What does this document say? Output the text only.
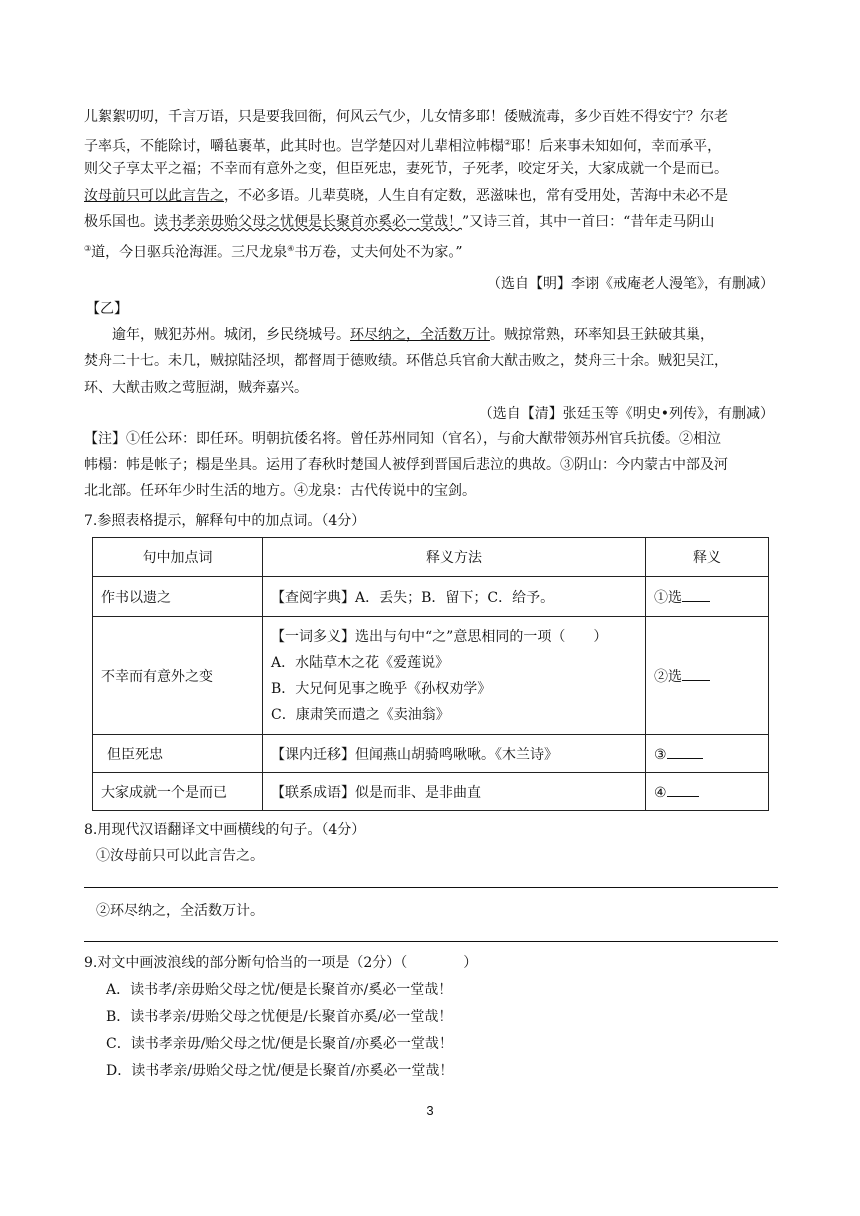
儿絮絮叨叨，千言万语，只是要我回衙，何风云气少，儿女情多耶！倭贼流毒，多少百姓不得安宁？尔老

子率兵，不能除讨，嚼毡裹革，此其时也。岂学楚囚对儿辈相泣帏榻②耶！后来事未知如何，幸而承平，

则父子享太平之福；不幸而有意外之变，但臣死忠，妻死节，子死孝，咬定牙关，大家成就一个是而已。

汝母前只可以此言告之，不必多语。儿辈莫晓，人生自有定数，恶滋味也，常有受用处，苦海中未必不是

极乐国也。读书孝亲毋贻父母之忧便是长聚首亦奚必一堂哉！”又诗三首，其中一首曰：“昔年走马阴山

③道，今日驱兵沧海涯。三尺龙泉④书万卷，丈夫何处不为家。”

（选自【明】李诩《戒庵老人漫笔》，有删减）

【乙】

逾年，贼犯苏州。城闭，乡民绕城号。环尽纳之，全活数万计。贼掠常熟，环率知县王鈇破其巢，

焚舟二十七。未几，贼掠陆泾坝，都督周于德败绩。环偕总兵官俞大猷击败之，焚舟三十余。贼犯吴江，

环、大猷击败之莺脰湖，贼奔嘉兴。

（选自【清】张廷玉等《明史•列传》，有删减）

【注】①任公环：即任环。明朝抗倭名将。曾任苏州同知（官名），与俞大猷带领苏州官兵抗倭。②相泣

帏榻：帏是帐子；榻是坐具。运用了春秋时楚国人被俘到晋国后悲泣的典故。③阴山：今内蒙古中部及河

北北部。任环年少时生活的地方。④龙泉：古代传说中的宝剑。

7.参照表格提示，解释句中的加点词。（4分）

句中加点词	释义方法	释义
作书以遗之	【查阅字典】A．丢失；B．留下；C．给予。	①选
不幸而有意外之变	【一词多义】选出与句中“之”意思相同的一项（　　）
A．水陆草木之花《爱莲说》
B．大兄何见事之晚乎《孙权劝学》
C．康肃笑而遣之《卖油翁》	②选
但臣死忠	【课内迁移】但闻燕山胡骑鸣啾啾。《木兰诗》	③
大家成就一个是而已	【联系成语】似是而非、是非曲直	④

8.用现代汉语翻译文中画横线的句子。（4分）

①汝母前只可以此言告之。

②环尽纳之，全活数万计。

9.对文中画波浪线的部分断句恰当的一项是（2分）（　　　　）

A．读书孝/亲毋贻父母之忧/便是长聚首亦/奚必一堂哉！
B．读书孝亲/毋贻父母之忧便是/长聚首亦奚/必一堂哉！
C．读书孝亲毋/贻父母之忧/便是长聚首/亦奚必一堂哉！
D．读书孝亲/毋贻父母之忧/便是长聚首/亦奚必一堂哉！
3
